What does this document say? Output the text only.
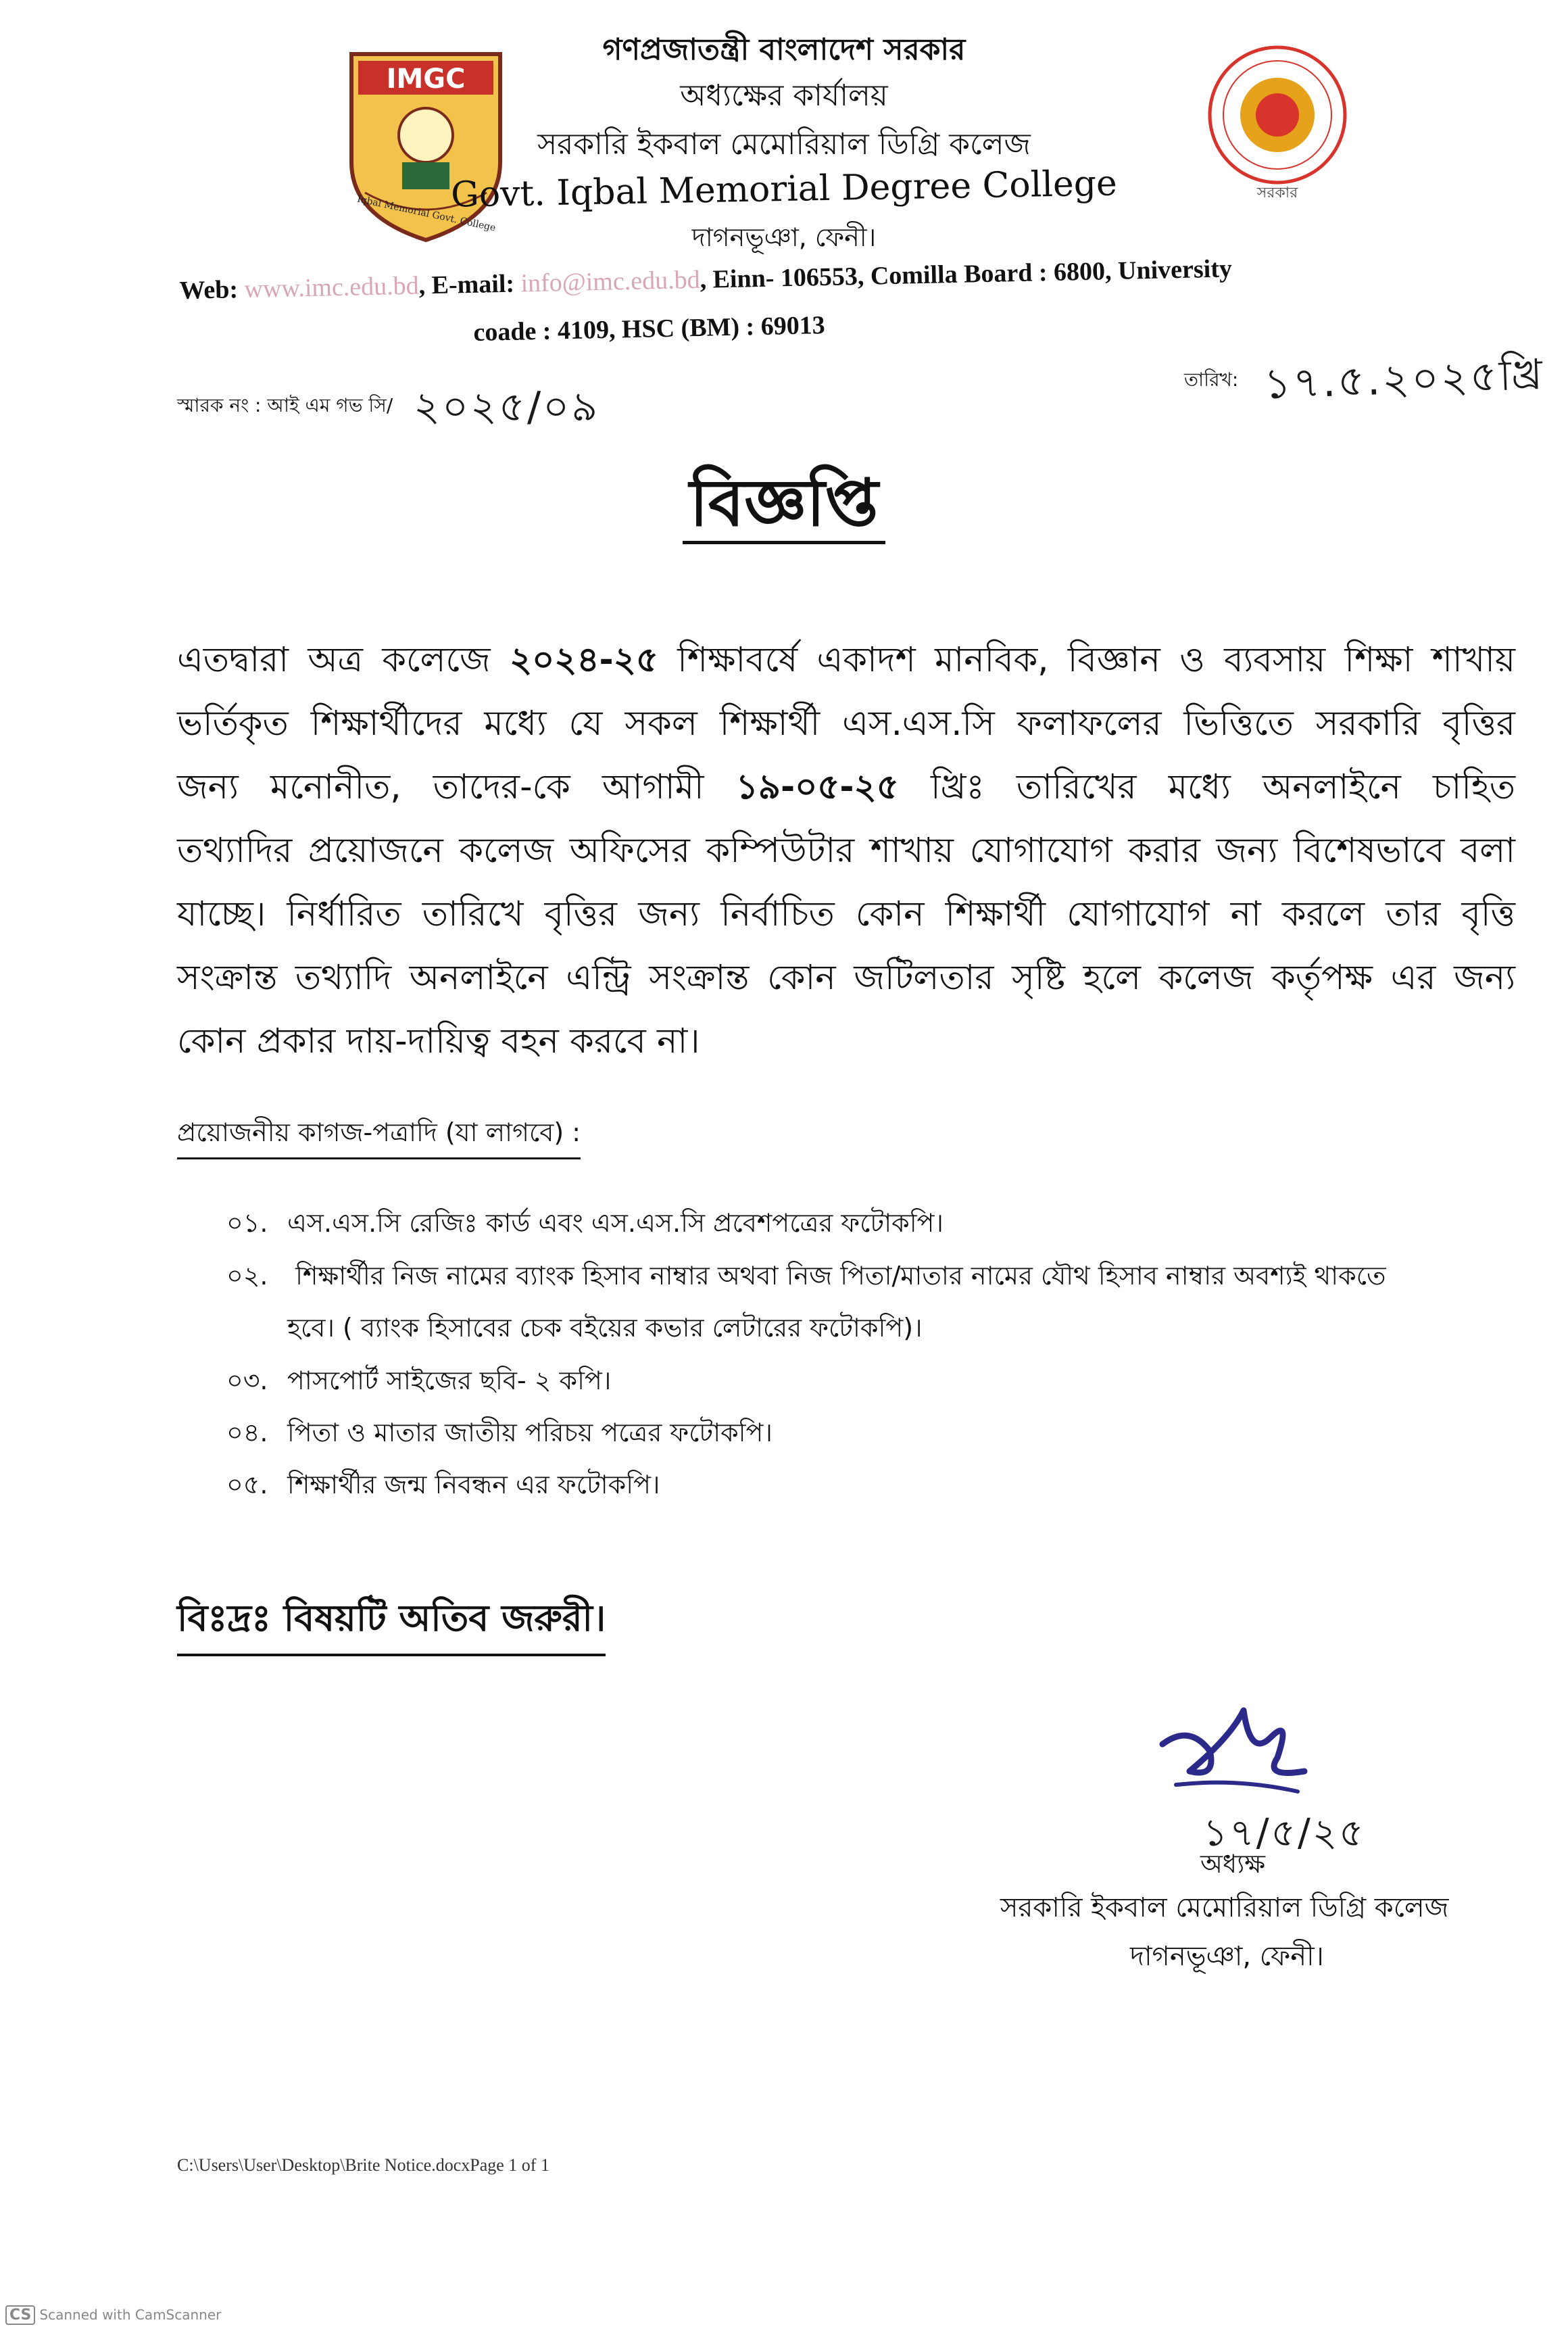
IMGC
Iqbal Memorial Govt. College
গণপ্রজাতন্ত্রী বাংলাদেশ সরকার
অধ্যক্ষের কার্যালয়
সরকারি ইকবাল মেমোরিয়াল ডিগ্রি কলেজ
Govt. Iqbal Memorial Degree College
দাগনভূঞা, ফেনী।
সরকার
Web: www.imc.edu.bd, E-mail: info@imc.edu.bd, Einn- 106553, Comilla Board : 6800, University
coade : 4109, HSC (BM) : 69013
স্মারক নং : আই এম গভ সি/ ২০২৫/০৯
তারিখ: ১৭.৫.২০২৫খ্রি
বিজ্ঞপ্তি
এতদ্বারা অত্র কলেজে ২০২৪-২৫ শিক্ষাবর্ষে একাদশ মানবিক, বিজ্ঞান ও ব্যবসায় শিক্ষা শাখায়
ভর্তিকৃত শিক্ষার্থীদের মধ্যে যে সকল শিক্ষার্থী এস.এস.সি ফলাফলের ভিত্তিতে সরকারি বৃত্তির
জন্য মনোনীত, তাদের-কে আগামী ১৯-০৫-২৫ খ্রিঃ তারিখের মধ্যে অনলাইনে চাহিত
তথ্যাদির প্রয়োজনে কলেজ অফিসের কম্পিউটার শাখায় যোগাযোগ করার জন্য বিশেষভাবে বলা
যাচ্ছে। নির্ধারিত তারিখে বৃত্তির জন্য নির্বাচিত কোন শিক্ষার্থী যোগাযোগ না করলে তার বৃত্তি
সংক্রান্ত তথ্যাদি অনলাইনে এন্ট্রি সংক্রান্ত কোন জটিলতার সৃষ্টি হলে কলেজ কর্তৃপক্ষ এর জন্য
কোন প্রকার দায়-দায়িত্ব বহন করবে না।
প্রয়োজনীয় কাগজ-পত্রাদি (যা লাগবে) :
০১. এস.এস.সি রেজিঃ কার্ড এবং এস.এস.সি প্রবেশপত্রের ফটোকপি।
০২. শিক্ষার্থীর নিজ নামের ব্যাংক হিসাব নাম্বার অথবা নিজ পিতা/মাতার নামের যৌথ হিসাব নাম্বার অবশ্যই থাকতে
হবে। ( ব্যাংক হিসাবের চেক বইয়ের কভার লেটারের ফটোকপি)।
০৩. পাসপোর্ট সাইজের ছবি- ২ কপি।
০৪. পিতা ও মাতার জাতীয় পরিচয় পত্রের ফটোকপি।
০৫. শিক্ষার্থীর জন্ম নিবন্ধন এর ফটোকপি।
বিঃদ্রঃ বিষয়টি অতিব জরুরী।
১৭/৫/২৫
অধ্যক্ষ
সরকারি ইকবাল মেমোরিয়াল ডিগ্রি কলেজ
দাগনভূঞা, ফেনী।
C:\Users\User\Desktop\Brite Notice.docxPage 1 of 1
CS Scanned with CamScanner
